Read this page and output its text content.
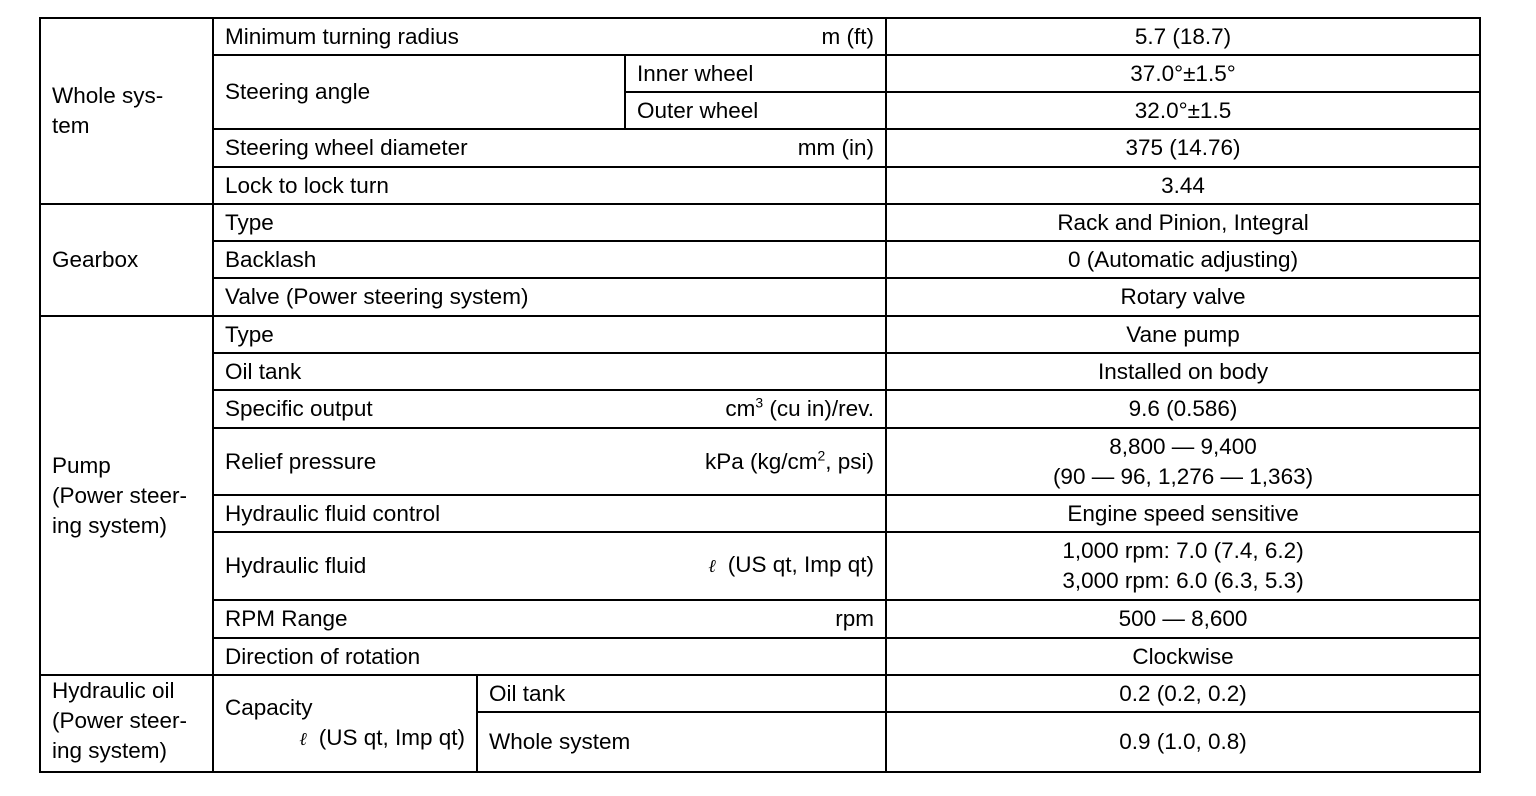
Whole sys-
tem	Minimum turning radius m (ft)			5.7 (18.7)
	Steering angle		Inner wheel	37.0°±1.5°
			Outer wheel	32.0°±1.5

	Steering wheel diameter mm (in)			375 (14.76)
	Lock to lock turn			3.44
Gearbox	Type			Rack and Pinion, Integral
	Backlash			0 (Automatic adjusting)
	Valve (Power steering system)			Rotary valve
Pump
(Power steer-
ing system)	Type			Vane pump
	Oil tank			Installed on body

	Specific output $cm^3$ (cu in)/rev.			9.6 (0.586)

	Relief pressure kPa ($kg/cm^2$, psi)			8,800 — 9,400
(90 — 96, 1,276 — 1,363)
	Hydraulic fluid control			Engine speed sensitive

	Hydraulic fluid ℓ (US qt, Imp qt)			1,000 rpm: 7.0 (7.4, 6.2)
3,000 rpm: 6.0 (6.3, 5.3)

	RPM Range rpm			500 — 8,600
	Direction of rotation			Clockwise
Hydraulic oil
(Power steer-
ing system)	Capacity
ℓ (US qt, Imp qt)	Oil tank		0.2 (0.2, 0.2)
		Whole system		0.9 (1.0, 0.8)
